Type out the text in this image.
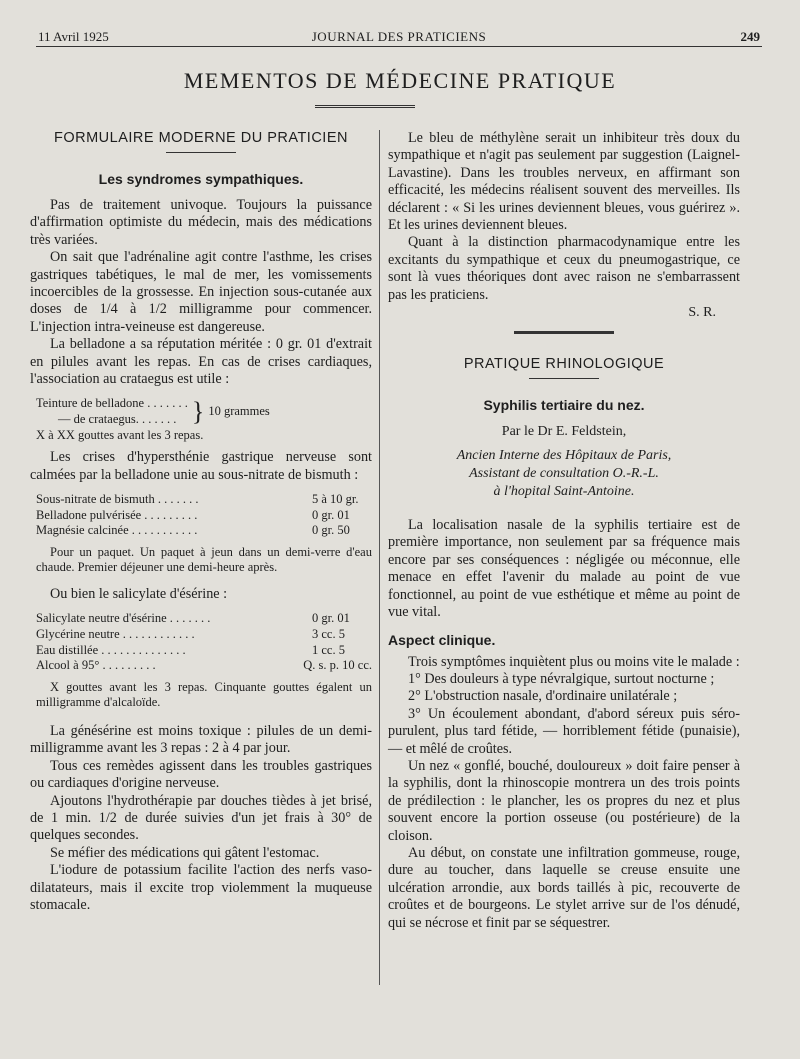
11 Avril 1925	JOURNAL DES PRATICIENS	249
MEMENTOS DE MÉDECINE PRATIQUE
FORMULAIRE MODERNE DU PRATICIEN
Les syndromes sympathiques.

Pas de traitement univoque. Toujours la puissance d'affirmation optimiste du médecin, mais des médications très variées.

On sait que l'adrénaline agit contre l'asthme, les crises gastriques tabétiques, le mal de mer, les vomissements incoercibles de la grossesse. En injection sous-cutanée aux doses de 1/4 à 1/2 milligramme pour commencer. L'injection intra-veineuse est dangereuse.

La belladone a sa réputation méritée : 0 gr. 01 d'extrait en pilules avant les repas. En cas de crises cardiaques, l'association au crataegus est utile :

Teinture de belladone . . . . . . .
— de crataegus. . . . . . . } 10 grammes
X à XX gouttes avant les 3 repas.

Les crises d'hypersthénie gastrique nerveuse sont calmées par la belladone unie au sous-nitrate de bismuth :

Sous-nitrate de bismuth . . . . . . .	5 à 10 gr.
Belladone pulvérisée . . . . . . . . .	0 gr. 01
Magnésie calcinée . . . . . . . . . . .	0 gr. 50
Pour un paquet. Un paquet à jeun dans un demi-verre d'eau chaude. Premier déjeuner une demi-heure après.

Ou bien le salicylate d'ésérine :

Salicylate neutre d'ésérine . . . . . . .	0 gr. 01
Glycérine neutre . . . . . . . . . . . .	3 cc. 5
Eau distillée . . . . . . . . . . . . . .	1 cc. 5
Alcool à 95° . . . . . . . . .	Q. s. p. 10 cc.
X gouttes avant les 3 repas. Cinquante gouttes égalent un milligramme d'alcaloïde.

La génésérine est moins toxique : pilules de un demi-milligramme avant les 3 repas : 2 à 4 par jour.

Tous ces remèdes agissent dans les troubles gastriques ou cardiaques d'origine nerveuse.

Ajoutons l'hydrothérapie par douches tièdes à jet brisé, de 1 min. 1/2 de durée suivies d'un jet frais à 30° de quelques secondes.

Se méfier des médications qui gâtent l'estomac.

L'iodure de potassium facilite l'action des nerfs vaso-dilatateurs, mais il excite trop violemment la muqueuse stomacale.

Le bleu de méthylène serait un inhibiteur très doux du sympathique et n'agit pas seulement par suggestion (Laignel-Lavastine). Dans les troubles nerveux, en affirmant son efficacité, les médecins réalisent souvent des merveilles. Ils déclarent : « Si les urines deviennent bleues, vous guérirez ». Et les urines deviennent bleues.

Quant à la distinction pharmacodynamique entre les excitants du sympathique et ceux du pneumogastrique, ce sont là vues théoriques dont avec raison ne s'embarrassent pas les praticiens.

S. R.
PRATIQUE RHINOLOGIQUE
Syphilis tertiaire du nez.
Par le Dr E. Feldstein,
Ancien Interne des Hôpitaux de Paris,
Assistant de consultation O.-R.-L.
à l'hopital Saint-Antoine.

La localisation nasale de la syphilis tertiaire est de première importance, non seulement par sa fréquence mais encore par ses conséquences : négligée ou méconnue, elle menace en effet l'avenir du malade au point de vue fonctionnel, au point de vue esthétique et même au point de vue vital.

Aspect clinique.

Trois symptômes inquiètent plus ou moins vite le malade :

1° Des douleurs à type névralgique, surtout nocturne ;

2° L'obstruction nasale, d'ordinaire unilatérale ;

3° Un écoulement abondant, d'abord séreux puis séro-purulent, plus tard fétide, — horriblement fétide (punaisie), — et mêlé de croûtes.

Un nez « gonflé, bouché, douloureux » doit faire penser à la syphilis, dont la rhinoscopie montrera un des trois points de prédilection : le plancher, les os propres du nez et plus souvent encore la portion osseuse (ou postérieure) de la cloison.

Au début, on constate une infiltration gommeuse, rouge, dure au toucher, dans laquelle se creuse ensuite une ulcération arrondie, aux bords taillés à pic, recouverte de croûtes et de bourgeons. Le stylet arrive sur de l'os dénudé, qui se nécrose et finit par se séquestrer.
